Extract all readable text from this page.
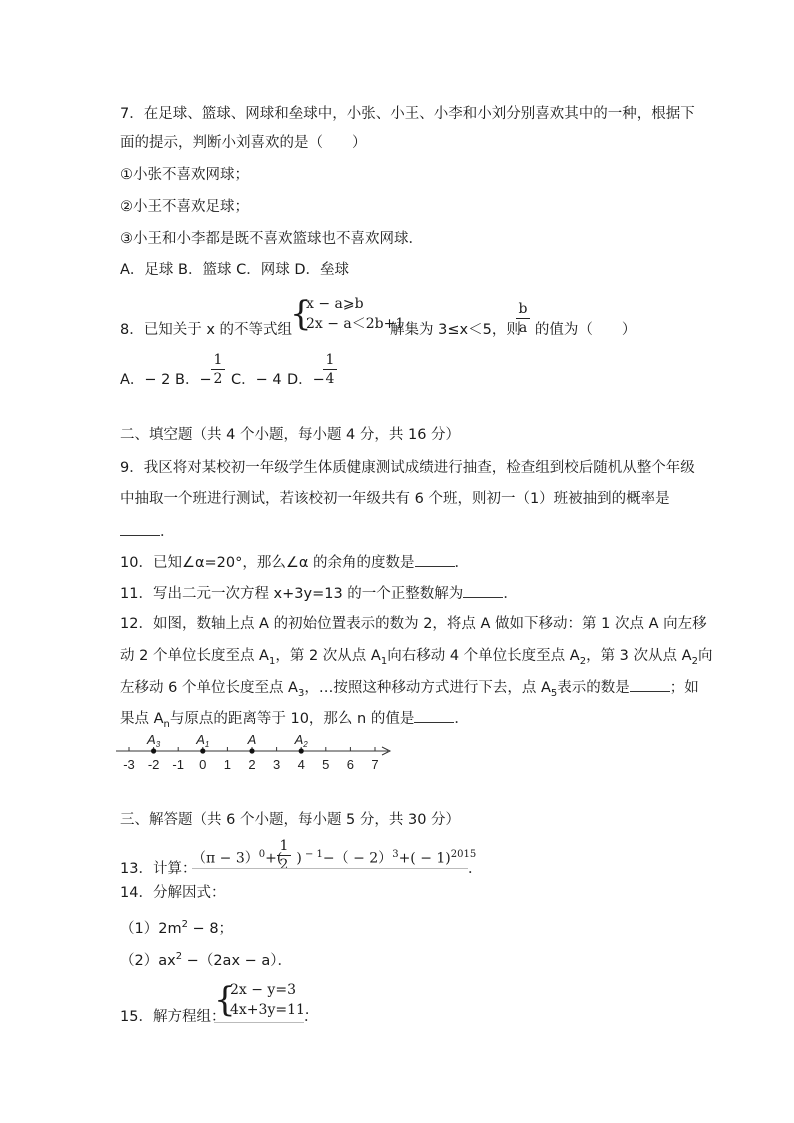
7．在足球、篮球、网球和垒球中，小张、小王、小李和小刘分别喜欢其中的一种，根据下
面的提示，判断小刘喜欢的是（　　）
①小张不喜欢网球；
②小王不喜欢足球；
③小王和小李都是既不喜欢篮球也不喜欢网球．
A．足球 B．篮球 C．网球 D．垒球
8．已知关于 x 的不等式组	解集为 3≤x＜5，则 的值为（　　）
{
x − a⩾b
2x − a＜2b+1
b
a
A．− 2 B．−
1
2 C．− 4 D．−
1
4
二、填空题（共 4 个小题，每小题 4 分，共 16 分）
9．我区将对某校初一年级学生体质健康测试成绩进行抽查，检查组到校后随机从整个年级
中抽取一个班进行测试，若该校初一年级共有 6 个班，则初一（1）班被抽到的概率是
．
10．已知∠α=20°，那么∠α 的余角的度数是	．
11．写出二元一次方程 x+3y=13 的一个正整数解为	．
12．如图，数轴上点 A 的初始位置表示的数为 2，将点 A 做如下移动：第 1 次点 A 向左移
动 2 个单位长度至点 $A_1$，第 2 次从点 $A_1$向右移动 4 个单位长度至点 $A_2$，第 3 次从点 $A_2$向
左移动 6 个单位长度至点 $A_3$，…按照这种移动方式进行下去，点 $A_5$表示的数是	；如
果点 $A_n$与原点的距离等于 10，那么 n 的值是	．
-3 -2 -1 0 1 2 3 4 5 6 7
$A_3$	$A_1$	A	$A_2$
三、解答题（共 6 个小题，每小题 5 分，共 30 分）
13．计算：
$(\pi - 3)^0+$( ) $^{- 1}-( - 2)^3+( - 1)^{2015}$
1
2	．
14．分解因式：
$(1)2m^2 - 8$；
$(2)ax^2 -(2ax - a)$．
15．解方程组：
{
2x − y=3
4x+3y=11.
．
